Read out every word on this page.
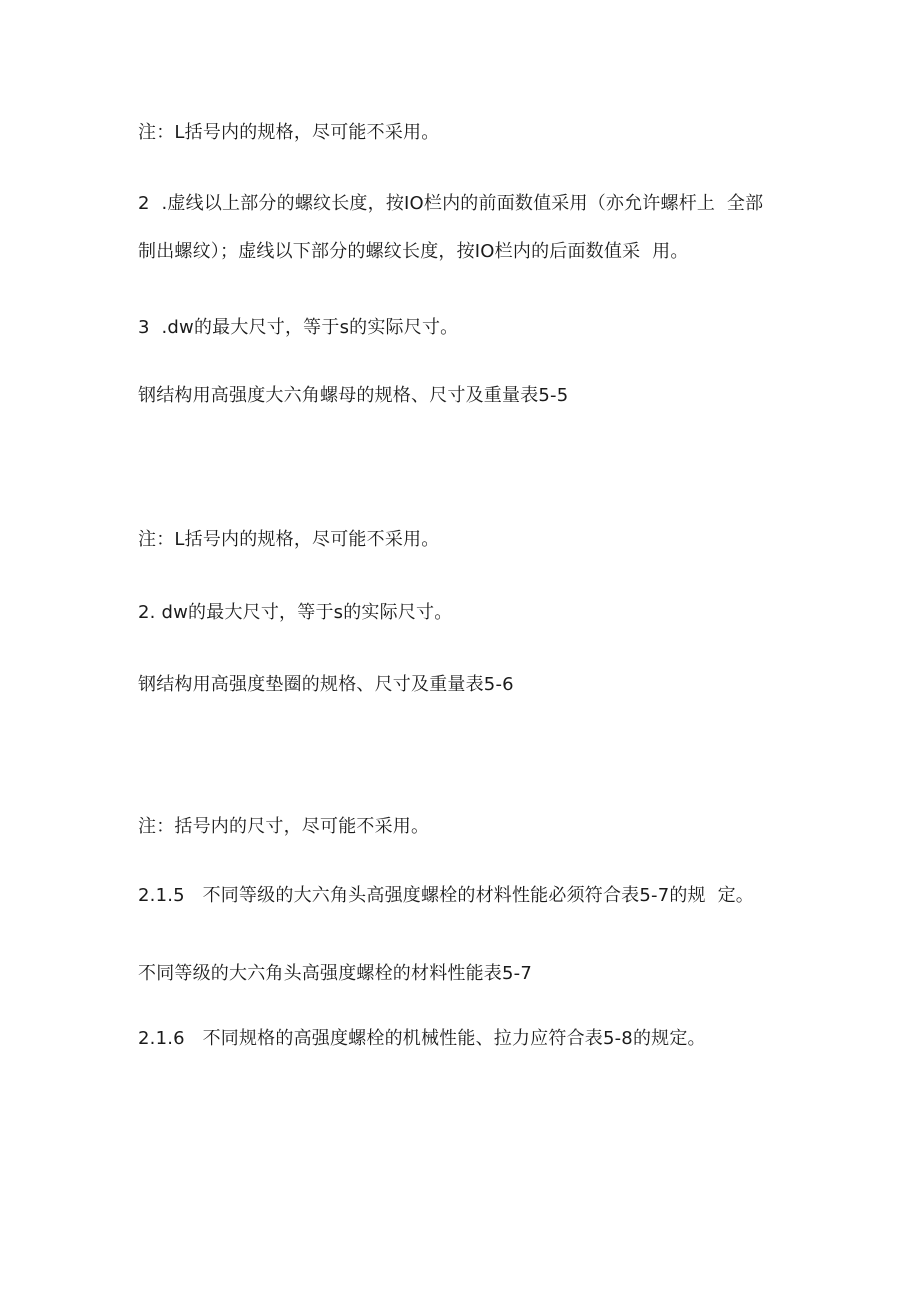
注：L括号内的规格，尽可能不采用。
2  .虚线以上部分的螺纹长度，按IO栏内的前面数值采用（亦允许螺杆上  全部
制出螺纹）；虚线以下部分的螺纹长度，按IO栏内的后面数值采  用。
3  .dw的最大尺寸，等于s的实际尺寸。
钢结构用高强度大六角螺母的规格、尺寸及重量表5-5
注：L括号内的规格，尽可能不采用。
2. dw的最大尺寸，等于s的实际尺寸。
钢结构用高强度垫圈的规格、尺寸及重量表5-6
注：括号内的尺寸，尽可能不采用。
2.1.5   不同等级的大六角头高强度螺栓的材料性能必须符合表5-7的规  定。
不同等级的大六角头高强度螺栓的材料性能表5-7
2.1.6   不同规格的高强度螺栓的机械性能、拉力应符合表5-8的规定。
